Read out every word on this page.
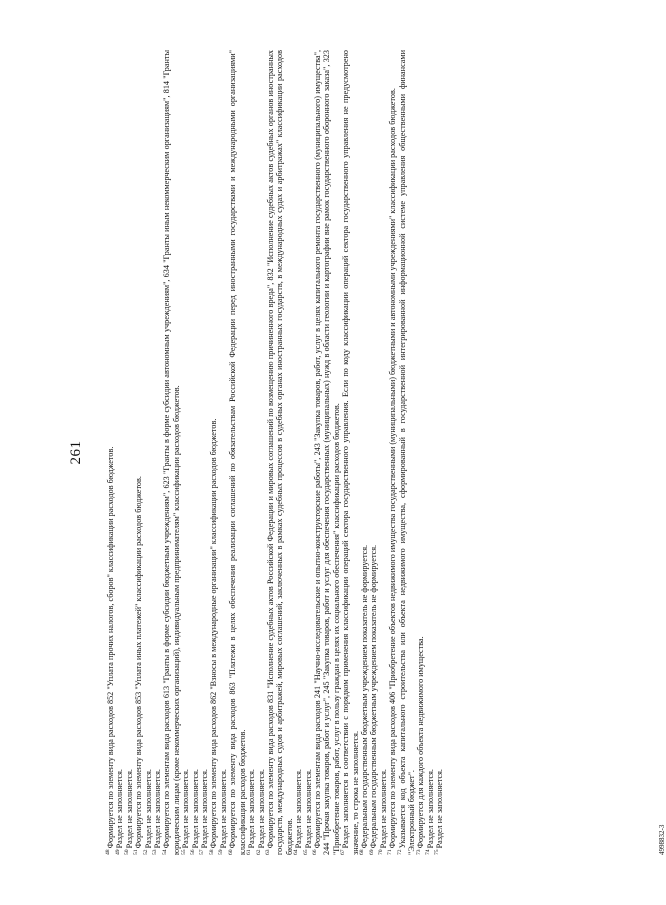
261

$^{48}$Формируется по элементу вида расходов 852 "Уплата прочих налогов, сборов" классификации расходов бюджетов.

$^{49}$Раздел не заполняется.

$^{50}$Раздел не заполняется.

$^{51}$Формируется по элементу вида расходов 853 "Уплата иных платежей" классификации расходов бюджетов.

$^{52}$Раздел не заполняется.

$^{53}$Раздел не заполняется.

$^{54}$Формируется по элементам вида расходов 613 "Гранты в форме субсидии бюджетным учреждениям", 623 "Гранты в форме субсидии автономным учреждениям", 634 "Гранты иным некоммерческим организациям", 814 "Гранты юридическим лицам (кроме некоммерческих организаций), индивидуальным предпринимателям" классификации расходов бюджетов. $^{55}$Раздел не заполняется.

$^{56}$Раздел не заполняется.

$^{57}$Раздел не заполняется.

$^{58}$Формируется по элементу вида расходов 862 "Взносы в международные организации" классификации расходов бюджетов.

$^{59}$Раздел не заполняется.

$^{60}$Формируется по элементу вида расходов 863 "Платежи в целях обеспечения реализации соглашений по обязательствам Российской Федерации перед иностранными государствами и международными организациями" классификации расходов бюджетов. $^{61}$Раздел не заполняется.

$^{62}$Раздел не заполняется.

$^{63}$Формируется по элементу вида расходов 831 "Исполнение судебных актов Российской Федерации и мировых соглашений по возмещению причиненного вреда", 832 "Исполнение судебных актов судебных органов иностранных государств, международных судов и арбитражей, мировых соглашений, заключенных в рамках судебных процессов в судебных органах иностранных государств, в международных судах и арбитражах" классификации расходов бюджетов. $^{64}$Раздел не заполняется.

$^{65}$Раздел не заполняется.

$^{66}$Формируется по элементам вида расходов 241 "Научно-исследовательские и опытно-конструкторские работы", 243 "Закупка товаров, работ, услуг в целях капитального ремонта государственного (муниципального) имущества", 244 "Прочая закупка товаров, работ и услуг", 245 "Закупка товаров, работ и услуг для обеспечения государственных (муниципальных) нужд в области геологии и картографии вне рамок государственного оборонного заказа", 323 "Приобретение товаров, работ, услуг в пользу граждан в целях их социального обеспечения" классификации расходов бюджетов. $^{67}$Раздел заполняется в соответствии с порядком применения классификации операций сектора государственного управления. Если по коду классификации операций сектора государственного управления не предусмотрено значение, то строка не заполняется. $^{68}$Федеральным государственным бюджетным учреждением показатель не формируется.

$^{69}$Федеральным государственным бюджетным учреждением показатель не формируется.

$^{70}$Раздел не заполняется.

$^{71}$Формируется по элементу вида расходов 406 "Приобретение объектов недвижимого имущества государственными (муниципальными) бюджетными и автономными учреждениями" классификации расходов бюджетов.

$^{72}$Указывается код объекта капитального строительства или объекта недвижимого имущества, сформированный в государственной интегрированной информационной системе управления общественными финансами "Электронный бюджет". $^{73}$Формируется для каждого объекта недвижимого имущества.

$^{74}$Раздел не заполняется.

$^{75}$Раздел не заполняется.	4998832-3
